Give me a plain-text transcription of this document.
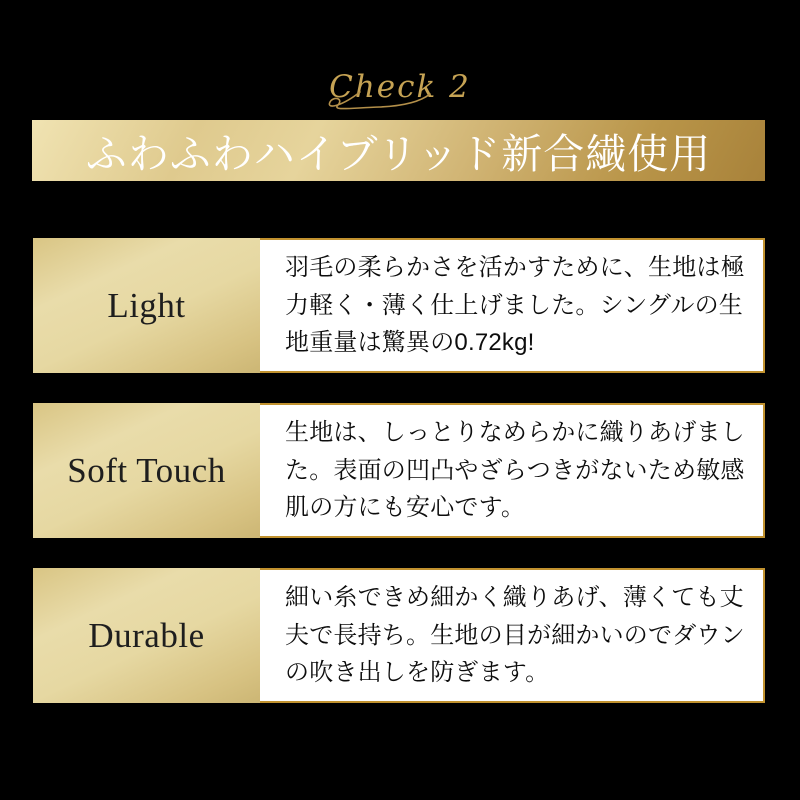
Check 2
ふわふわハイブリッド新合繊使用
Light
羽毛の柔らかさを活かすために、生地は極力軽く・薄く仕上げました。シングルの生地重量は驚異の0.72kg!
Soft Touch
生地は、しっとりなめらかに織りあげました。表面の凹凸やざらつきがないため敏感肌の方にも安心です。
Durable
細い糸できめ細かく織りあげ、薄くても丈夫で長持ち。生地の目が細かいのでダウンの吹き出しを防ぎます。
